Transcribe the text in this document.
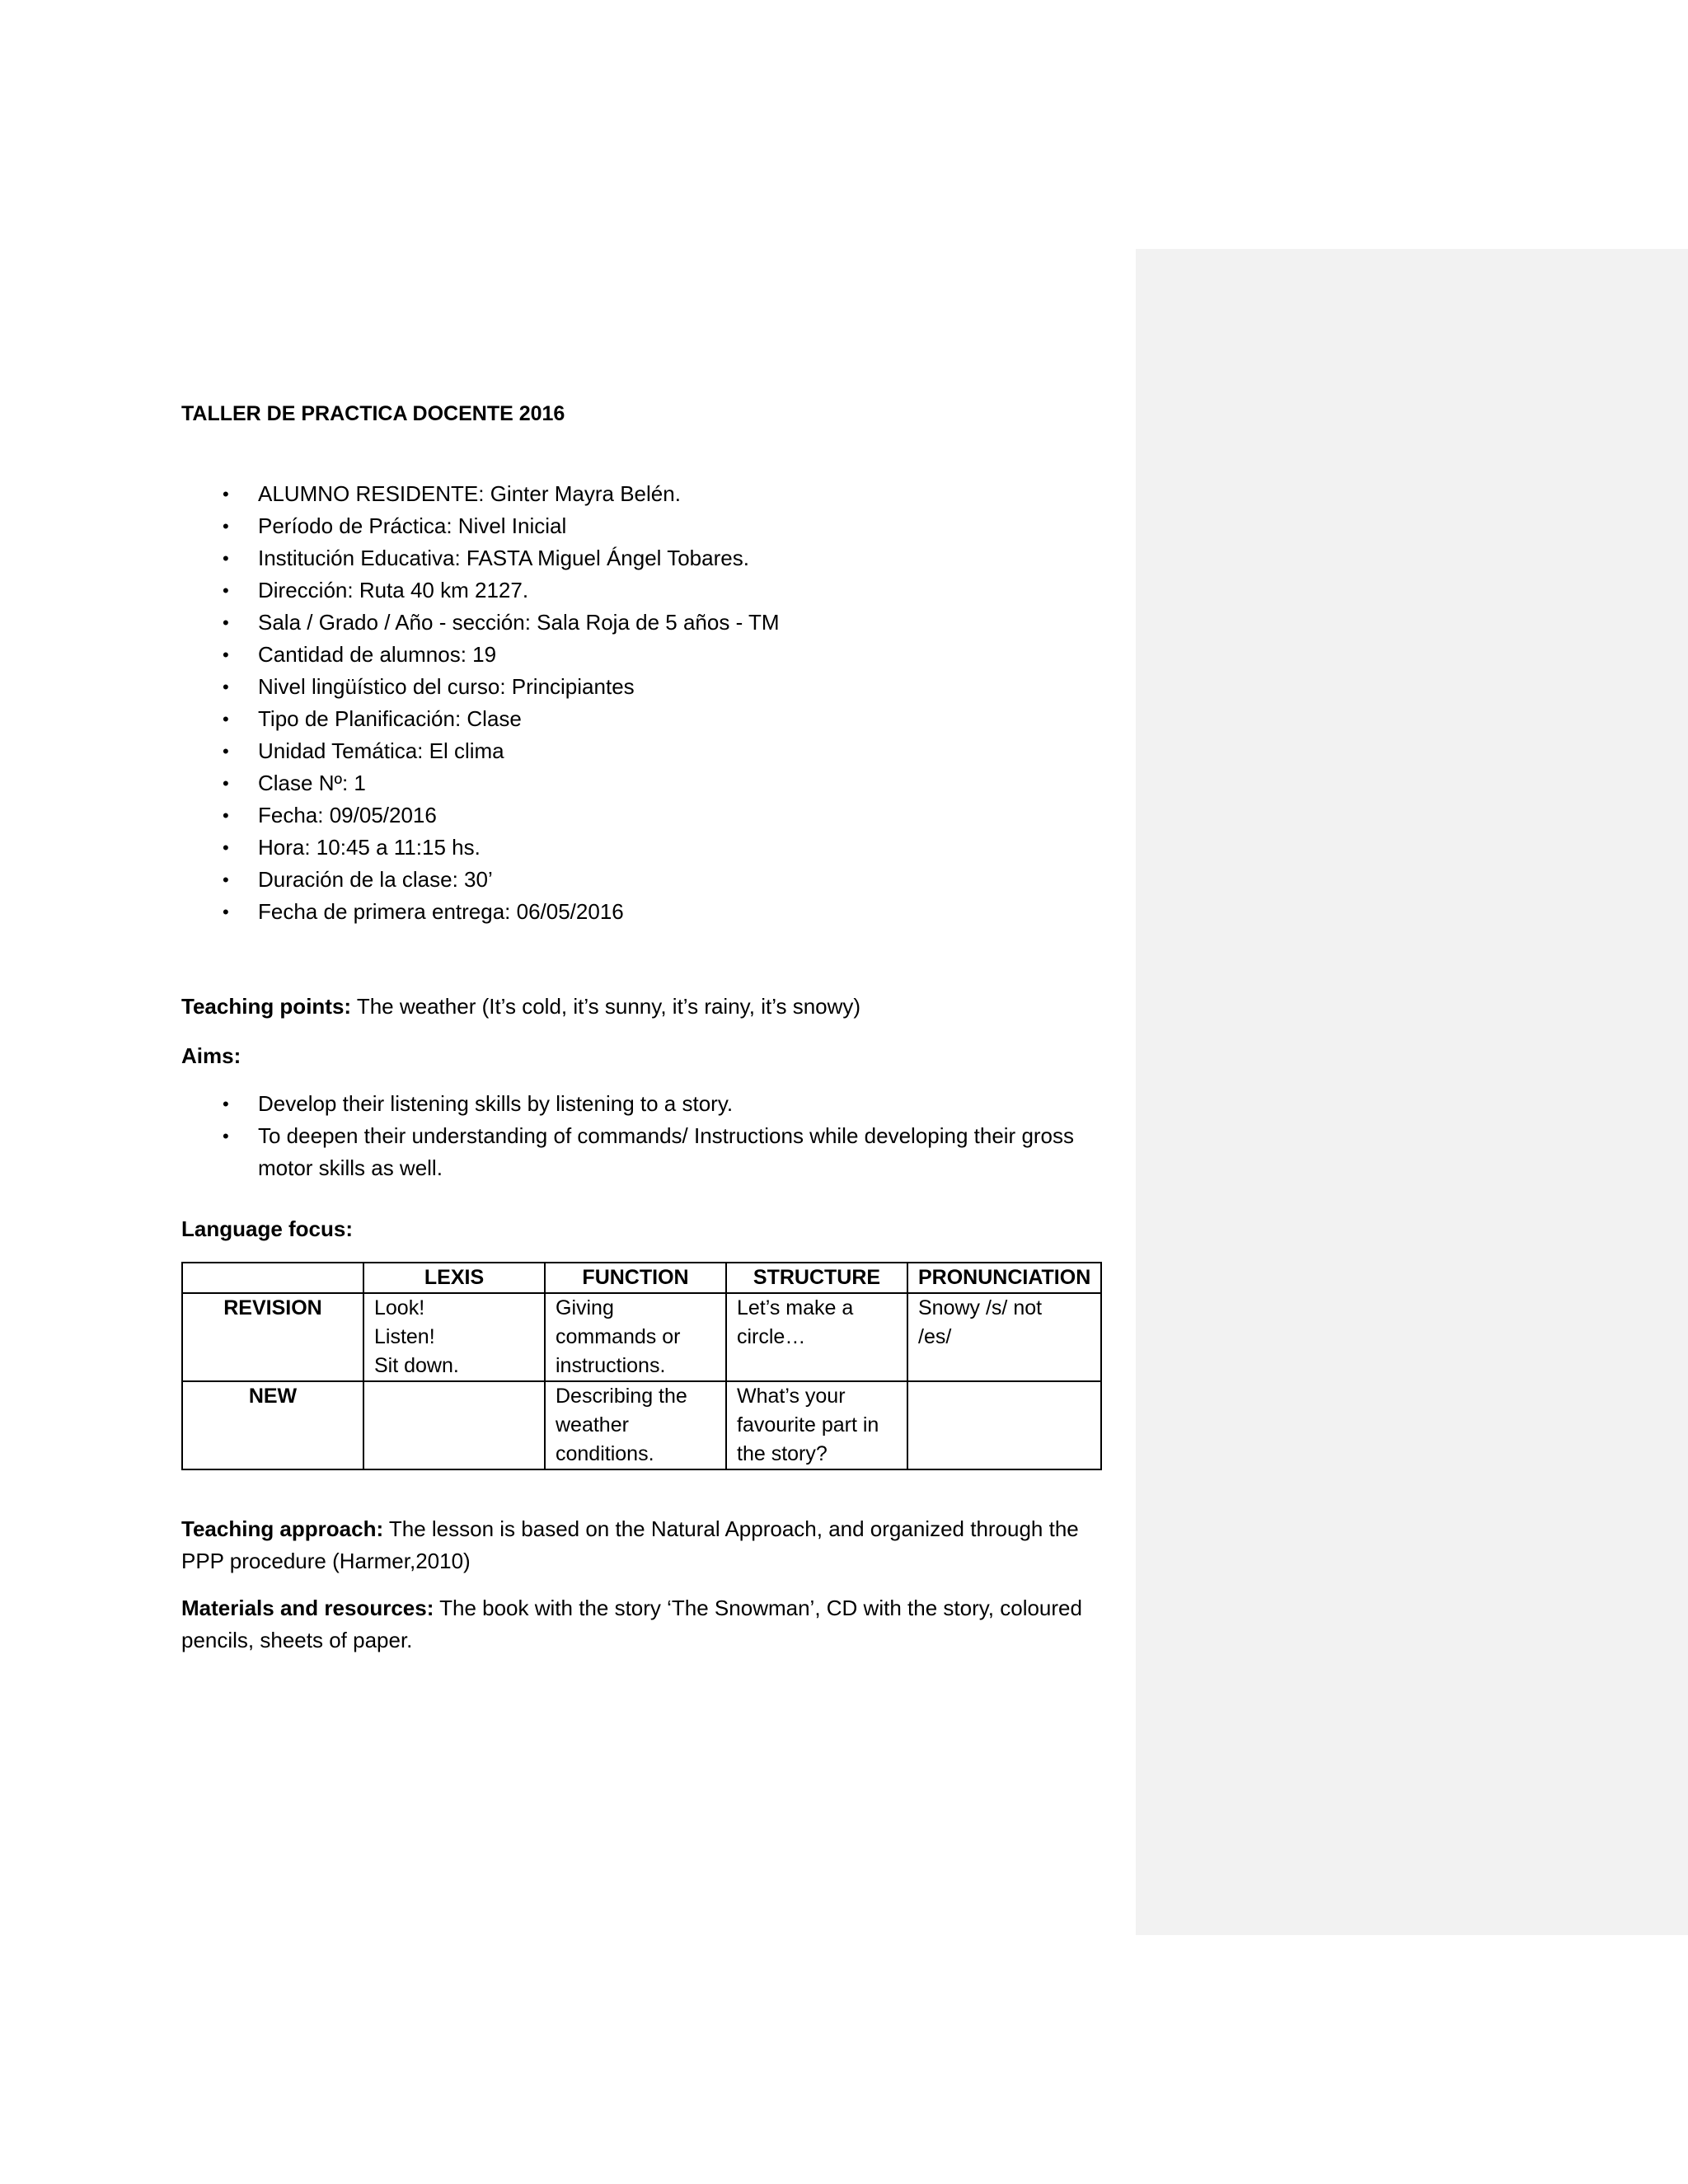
TALLER DE PRACTICA DOCENTE 2016
• ALUMNO RESIDENTE: Ginter Mayra Belén.
• Período de Práctica: Nivel Inicial
• Institución Educativa: FASTA Miguel Ángel Tobares.
• Dirección: Ruta 40 km 2127.
• Sala / Grado / Año - sección: Sala Roja de 5 años - TM
• Cantidad de alumnos: 19
• Nivel lingüístico del curso: Principiantes
• Tipo de Planificación: Clase
• Unidad Temática: El clima
• Clase Nº: 1
• Fecha: 09/05/2016
• Hora: 10:45 a 11:15 hs.
• Duración de la clase: 30’
• Fecha de primera entrega: 06/05/2016
Teaching points: The weather (It’s cold, it’s sunny, it’s rainy, it’s snowy)
Aims:
• Develop their listening skills by listening to a story.
• To deepen their understanding of commands/ Instructions while developing their gross motor skills as well.
Language focus:
	LEXIS	FUNCTION	STRUCTURE	PRONUNCIATION
REVISION	Look!
Listen!
Sit down.	Giving
commands or
instructions.	Let’s make a
circle…	Snowy /s/ not
/es/

NEW		Describing the
weather
conditions.	What’s your
favourite part in
the story?	

Teaching approach: The lesson is based on the Natural Approach, and organized through the PPP procedure (Harmer,2010)
Materials and resources: The book with the story ‘The Snowman’, CD with the story, coloured pencils, sheets of paper.
